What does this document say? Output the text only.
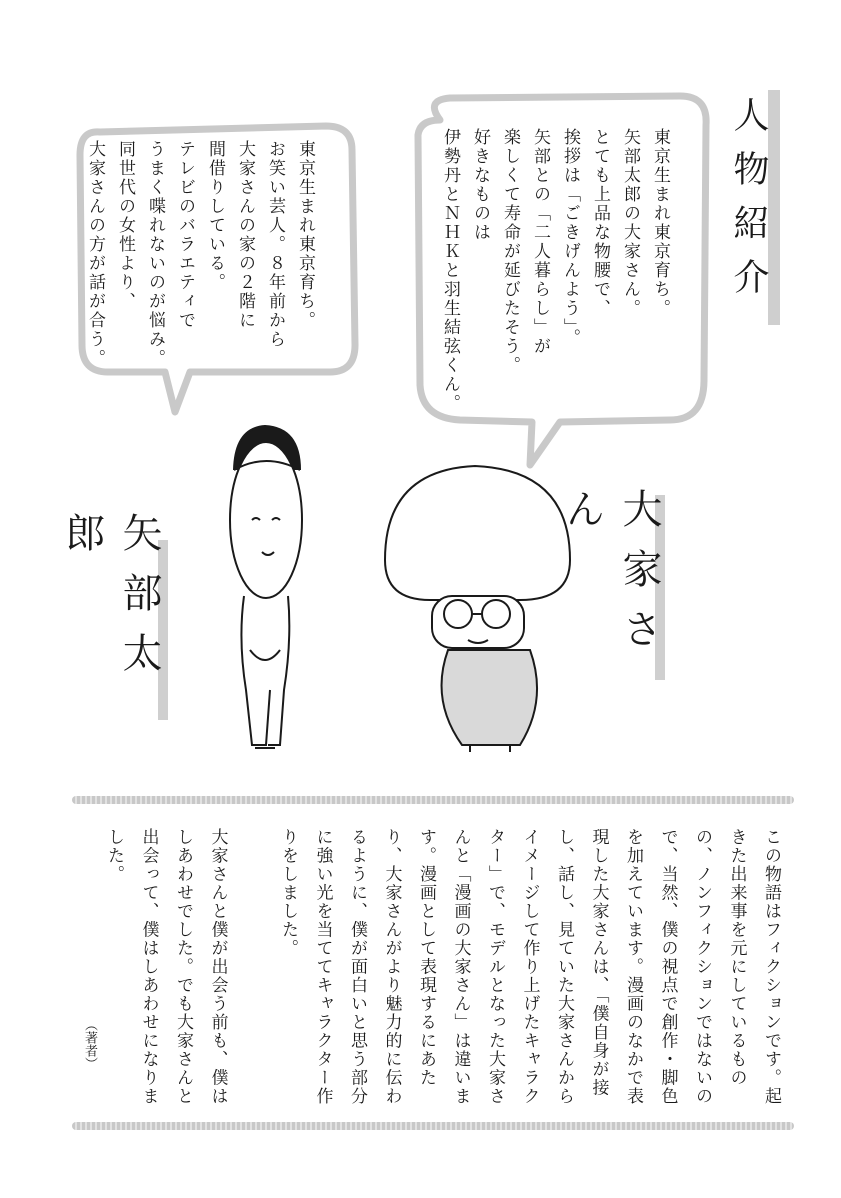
人物紹介
東京生まれ東京育ち。
矢部太郎の大家さん。
とても上品な物腰で、
挨拶は「ごきげんよう」。
矢部との「二人暮らし」が
楽しくて寿命が延びたそう。
好きなものは
伊勢丹とＮＨＫと羽生結弦くん。
東京生まれ東京育ち。
お笑い芸人。８年前から
大家さんの家の２階に
間借りしている。
テレビのバラエティで
うまく喋れないのが悩み。
同世代の女性より、
大家さんの方が話が合う。
矢部太郎	大家さん

この物語はフィクションです。起きた出来事を元にしているものの、ノンフィクションではないので、当然、僕の視点で創作・脚色を加えています。漫画のなかで表現した大家さんは、「僕自身が接し、話し、見ていた大家さんからイメージして作り上げたキャラクター」で、モデルとなった大家さんと「漫画の大家さん」は違います。漫画として表現するにあたり、大家さんがより魅力的に伝わるように、僕が面白いと思う部分に強い光を当ててキャラクター作りをしました。

大家さんと僕が出会う前も、僕はしあわせでした。でも大家さんと出会って、僕はしあわせになりました。

（著者）
